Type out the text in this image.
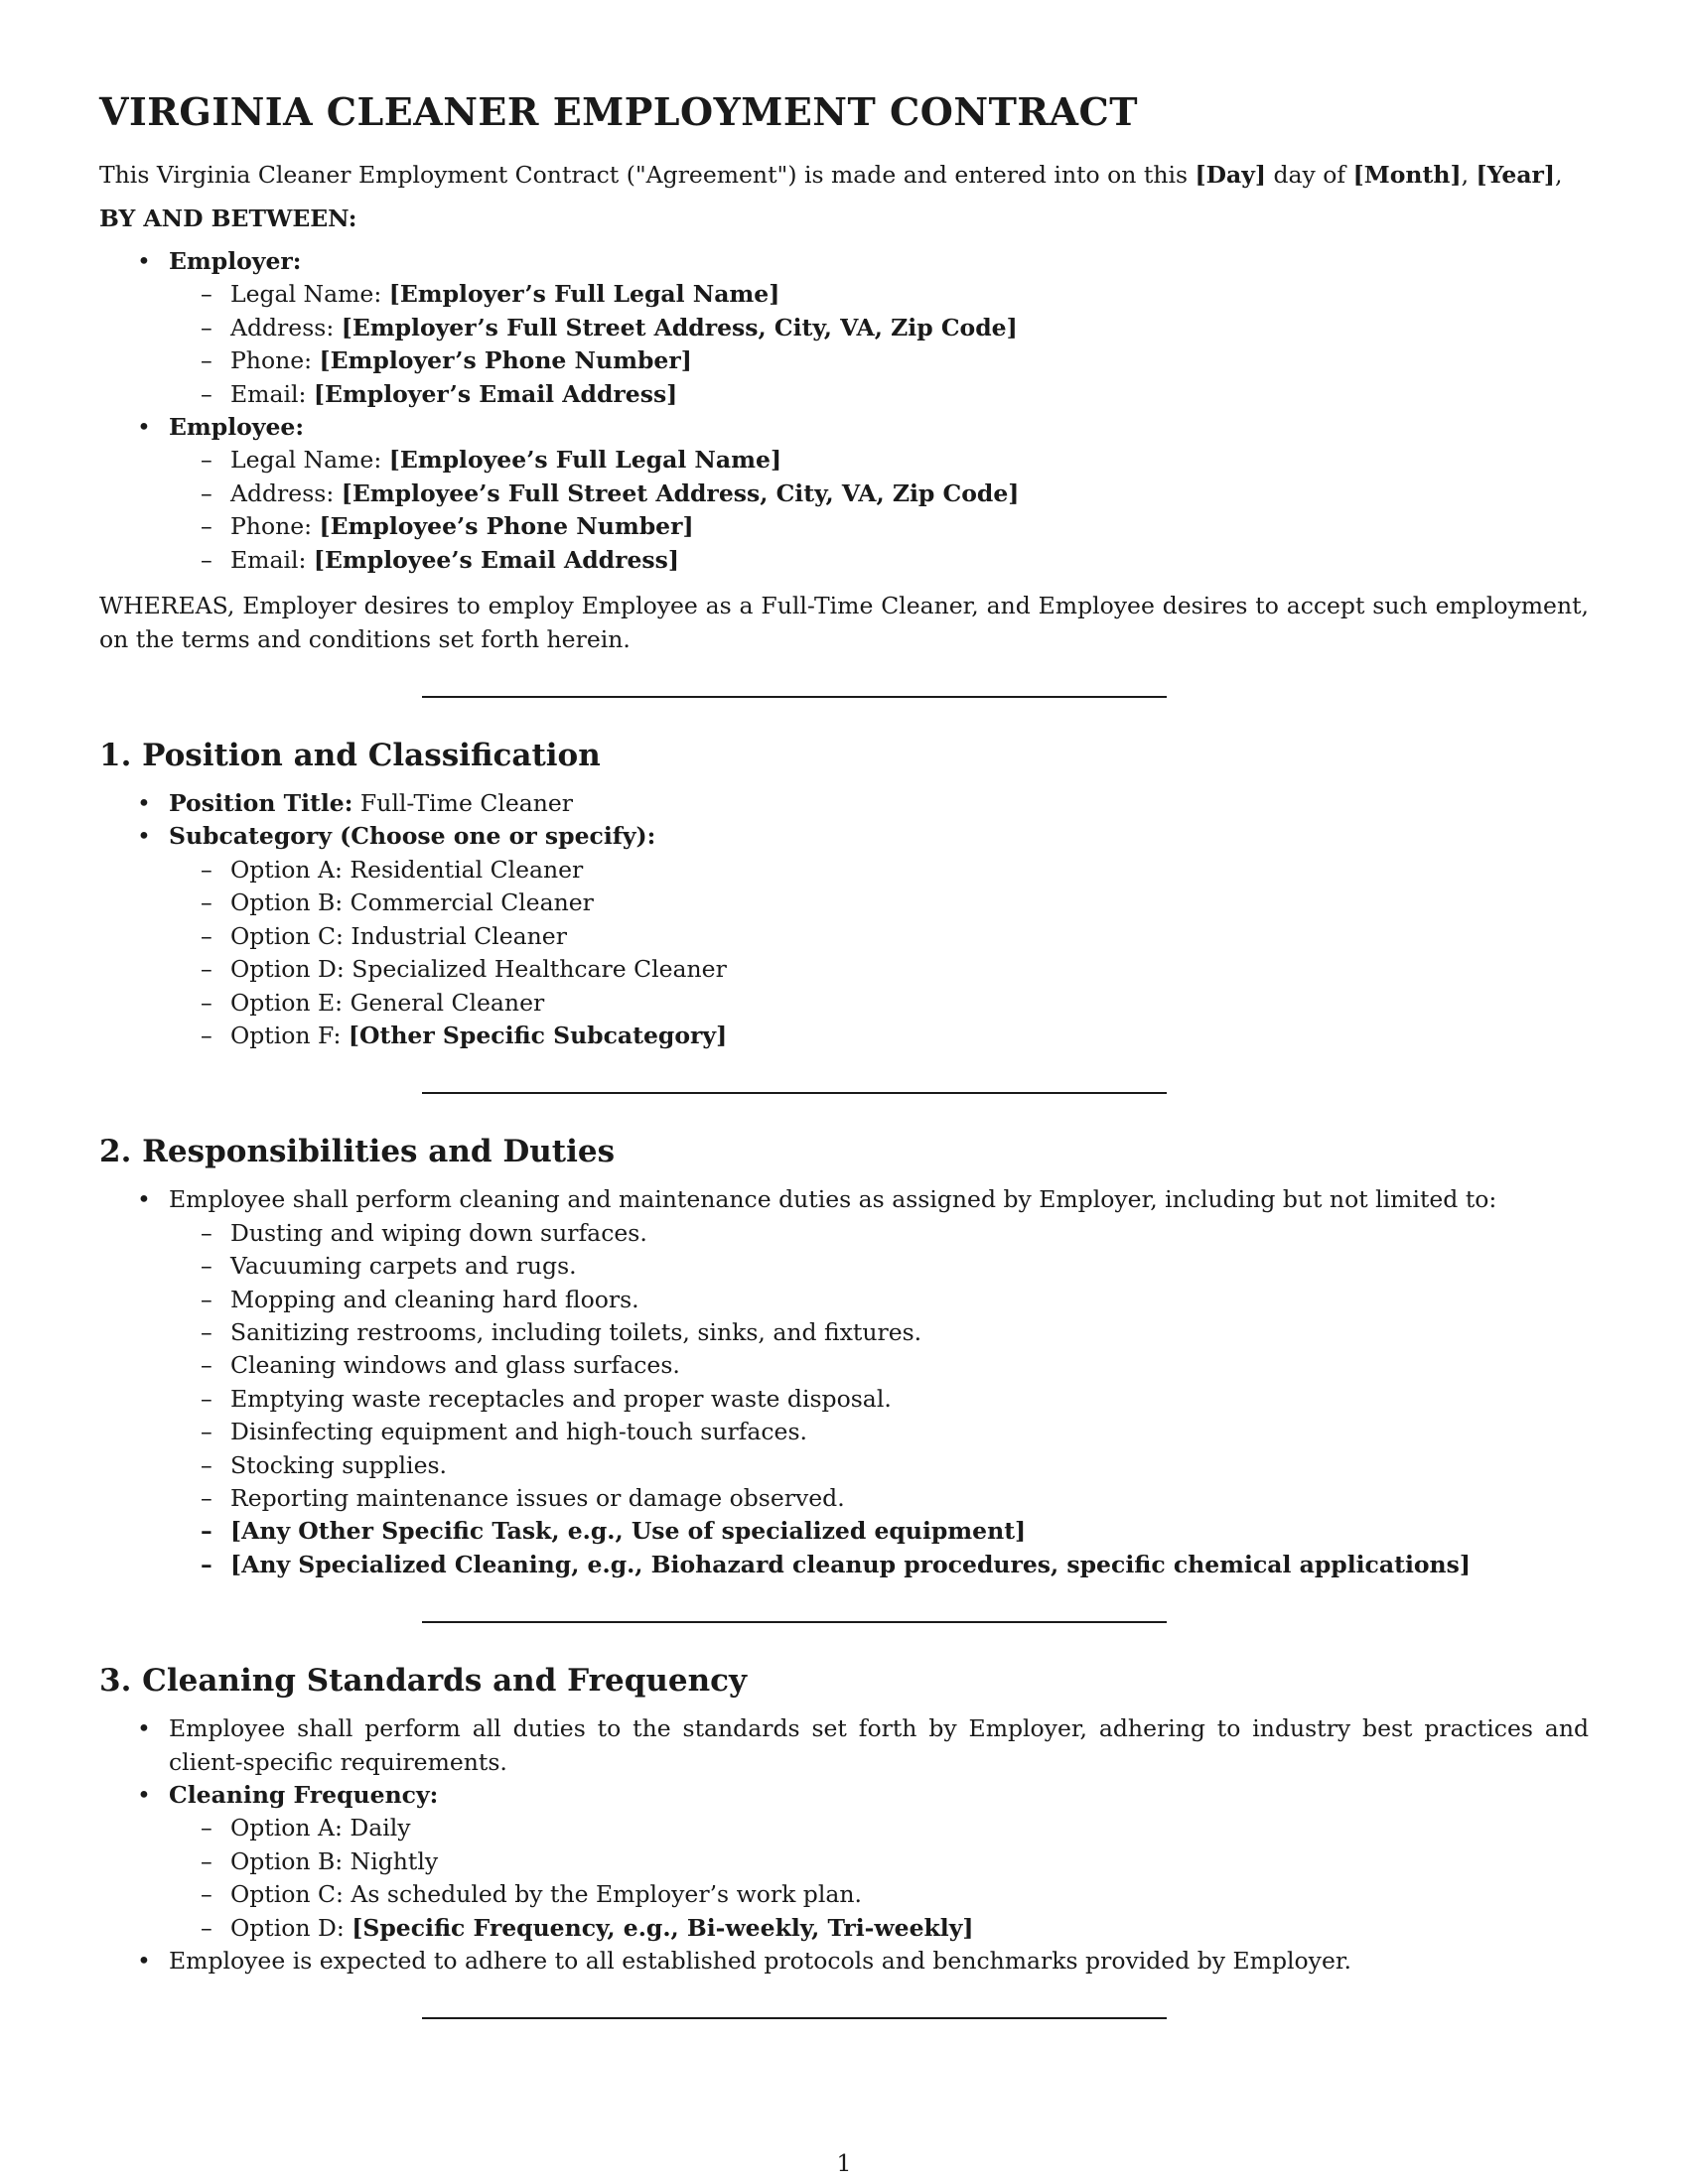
VIRGINIA CLEANER EMPLOYMENT CONTRACT

This Virginia Cleaner Employment Contract ("Agreement") is made and entered into on this [Day] day of [Month], [Year],

BY AND BETWEEN:

• Employer:
– Legal Name: [Employer’s Full Legal Name]
– Address: [Employer’s Full Street Address, City, VA, Zip Code]
– Phone: [Employer’s Phone Number]
– Email: [Employer’s Email Address]
• Employee:
– Legal Name: [Employee’s Full Legal Name]
– Address: [Employee’s Full Street Address, City, VA, Zip Code]
– Phone: [Employee’s Phone Number]
– Email: [Employee’s Email Address]

WHEREAS, Employer desires to employ Employee as a Full-Time Cleaner, and Employee desires to accept such employment, on the terms and conditions set forth herein.

1. Position and Classification
• Position Title: Full-Time Cleaner
• Subcategory (Choose one or specify):
– Option A: Residential Cleaner
– Option B: Commercial Cleaner
– Option C: Industrial Cleaner
– Option D: Specialized Healthcare Cleaner
– Option E: General Cleaner
– Option F: [Other Specific Subcategory]
2. Responsibilities and Duties
• Employee shall perform cleaning and maintenance duties as assigned by Employer, including but not limited to:
– Dusting and wiping down surfaces.
– Vacuuming carpets and rugs.
– Mopping and cleaning hard floors.
– Sanitizing restrooms, including toilets, sinks, and fixtures.
– Cleaning windows and glass surfaces.
– Emptying waste receptacles and proper waste disposal.
– Disinfecting equipment and high-touch surfaces.
– Stocking supplies.
– Reporting maintenance issues or damage observed.
– [Any Other Specific Task, e.g., Use of specialized equipment]
– [Any Specialized Cleaning, e.g., Biohazard cleanup procedures, specific chemical applications]
3. Cleaning Standards and Frequency
• Employee shall perform all duties to the standards set forth by Employer, adhering to industry best practices and client-specific requirements.
• Cleaning Frequency:
– Option A: Daily
– Option B: Nightly
– Option C: As scheduled by the Employer’s work plan.
– Option D: [Specific Frequency, e.g., Bi-weekly, Tri-weekly]
• Employee is expected to adhere to all established protocols and benchmarks provided by Employer.
1
